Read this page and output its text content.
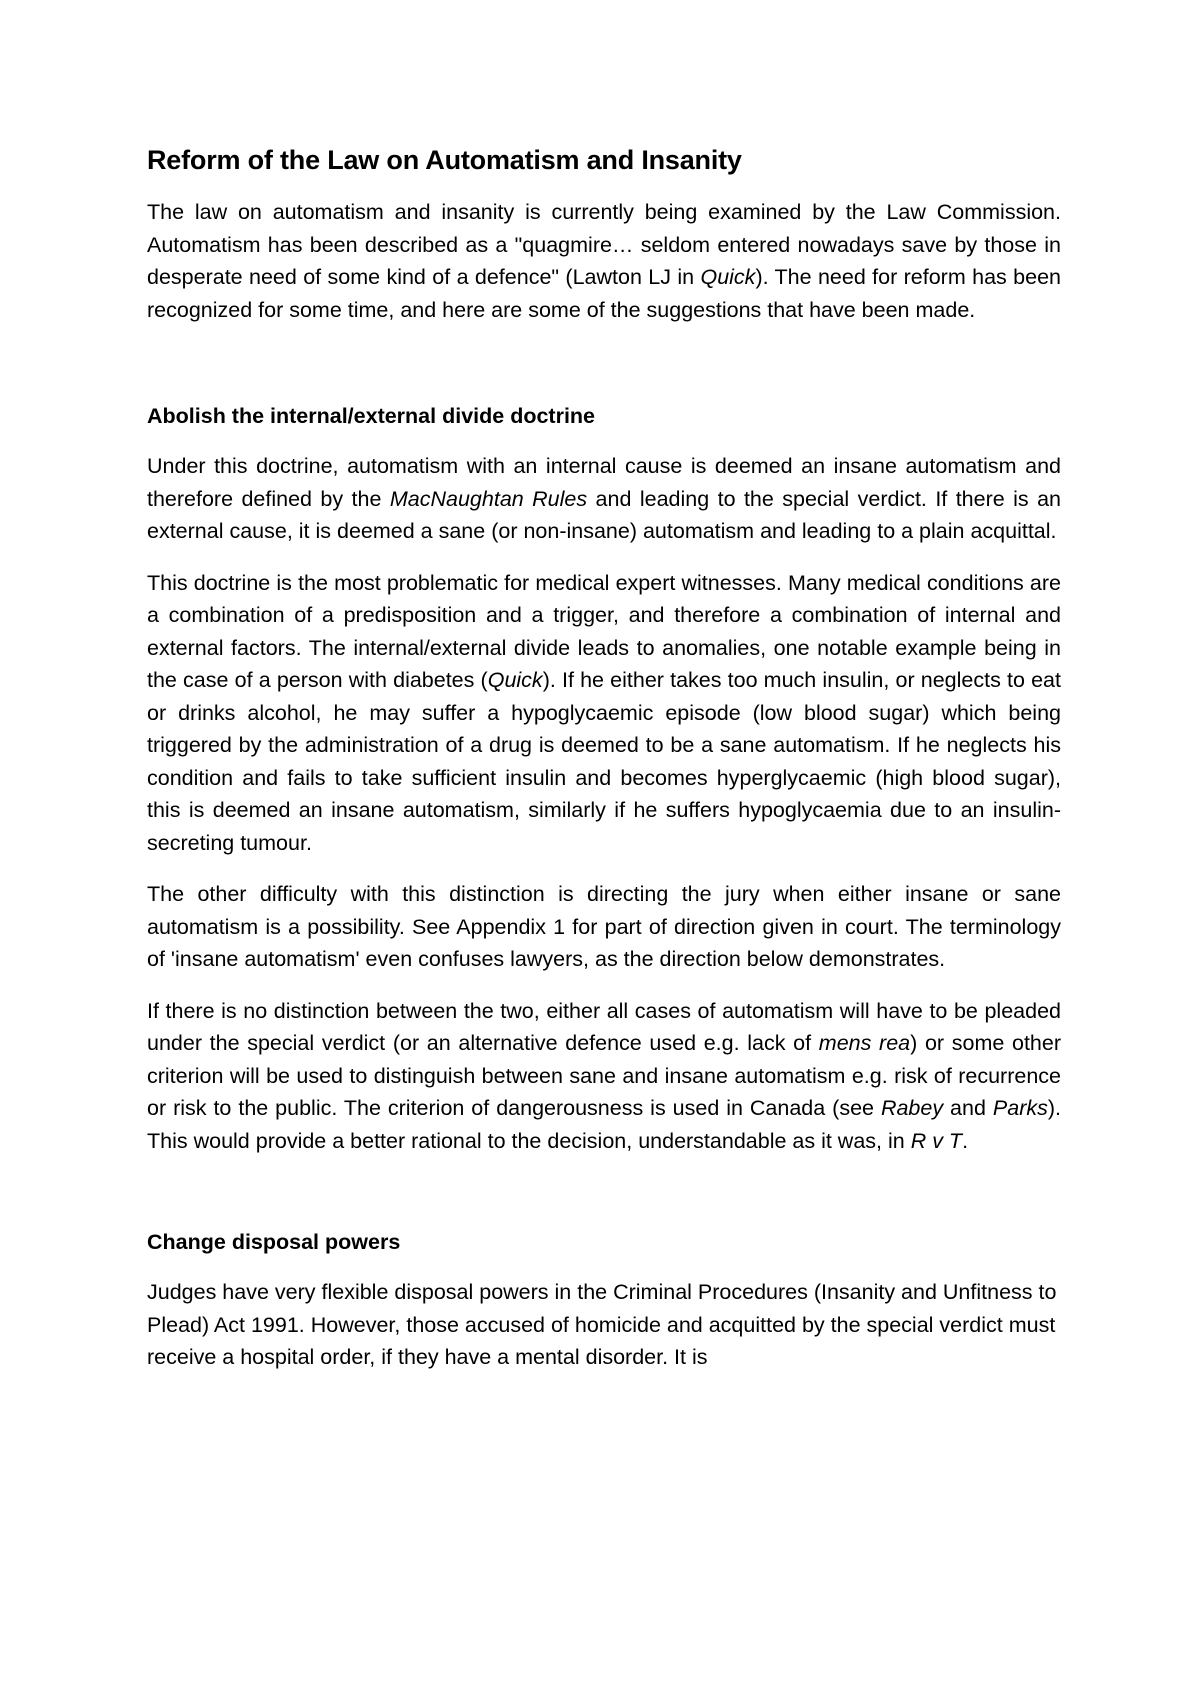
Reform of the Law on Automatism and Insanity

The law on automatism and insanity is currently being examined by the Law Commission. Automatism has been described as a "quagmire… seldom entered nowadays save by those in desperate need of some kind of a defence" (Lawton LJ in Quick). The need for reform has been recognized for some time, and here are some of the suggestions that have been made.

Abolish the internal/external divide doctrine

Under this doctrine, automatism with an internal cause is deemed an insane automatism and therefore defined by the MacNaughtan Rules and leading to the special verdict. If there is an external cause, it is deemed a sane (or non-insane) automatism and leading to a plain acquittal.

This doctrine is the most problematic for medical expert witnesses. Many medical conditions are a combination of a predisposition and a trigger, and therefore a combination of internal and external factors. The internal/external divide leads to anomalies, one notable example being in the case of a person with diabetes (Quick). If he either takes too much insulin, or neglects to eat or drinks alcohol, he may suffer a hypoglycaemic episode (low blood sugar) which being triggered by the administration of a drug is deemed to be a sane automatism. If he neglects his condition and fails to take sufficient insulin and becomes hyperglycaemic (high blood sugar), this is deemed an insane automatism, similarly if he suffers hypoglycaemia due to an insulin-secreting tumour.

The other difficulty with this distinction is directing the jury when either insane or sane automatism is a possibility. See Appendix 1 for part of direction given in court. The terminology of 'insane automatism' even confuses lawyers, as the direction below demonstrates.

If there is no distinction between the two, either all cases of automatism will have to be pleaded under the special verdict (or an alternative defence used e.g. lack of mens rea) or some other criterion will be used to distinguish between sane and insane automatism e.g. risk of recurrence or risk to the public. The criterion of dangerousness is used in Canada (see Rabey and Parks). This would provide a better rational to the decision, understandable as it was, in R v T.

Change disposal powers

Judges have very flexible disposal powers in the Criminal Procedures (Insanity and Unfitness to Plead) Act 1991. However, those accused of homicide and acquitted by the special verdict must receive a hospital order, if they have a mental disorder. It is
